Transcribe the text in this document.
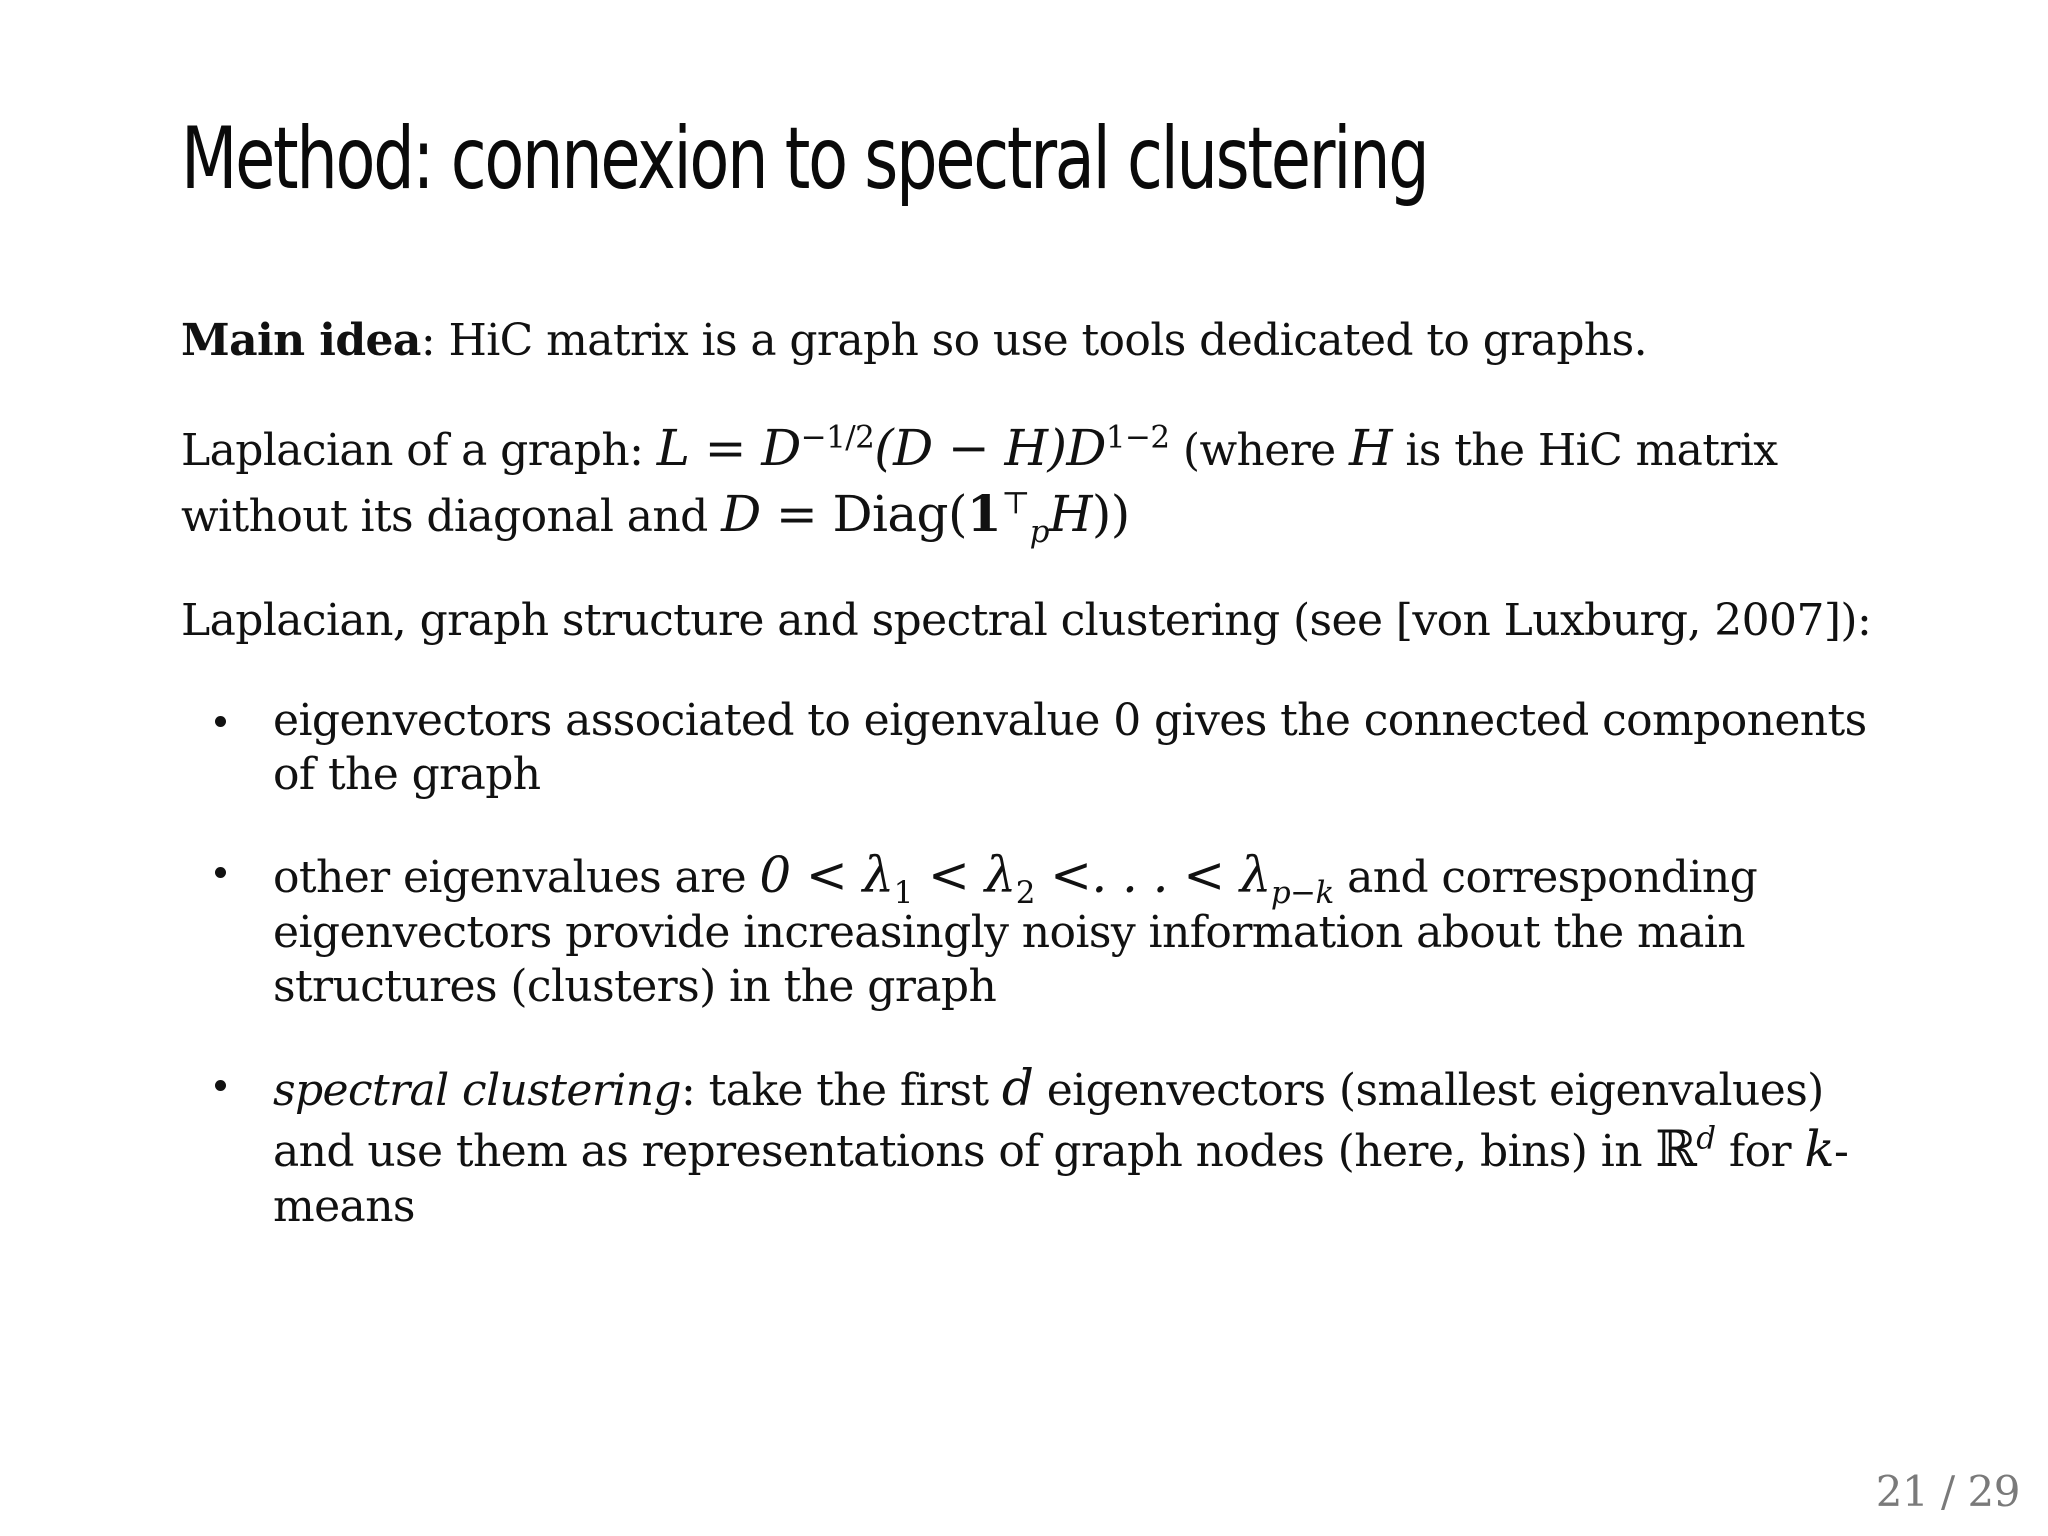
Method: connexion to spectral clustering

Main idea: HiC matrix is a graph so use tools dedicated to graphs.

Laplacian of a graph: $L = D^{-1/2}(D - H)D^{1-2}$ (where H is the HiC matrix without its diagonal and $D = Diag(1^⊤_pH)$)

Laplacian, graph structure and spectral clustering (see [von Luxburg, 2007]):

eigenvectors associated to eigenvalue 0 gives the connected components of the graph
other eigenvalues are $0 < \lambda_1 < \lambda_2$ <. . . < $\lambda_{p-k}$ and corresponding eigenvectors provide increasingly noisy information about the main structures (clusters) in the graph
spectral clustering: take the first d eigenvectors (smallest eigenvalues) and use them as representations of graph nodes (here, bins) in ℝ$^d$ for k-means
21 / 29
